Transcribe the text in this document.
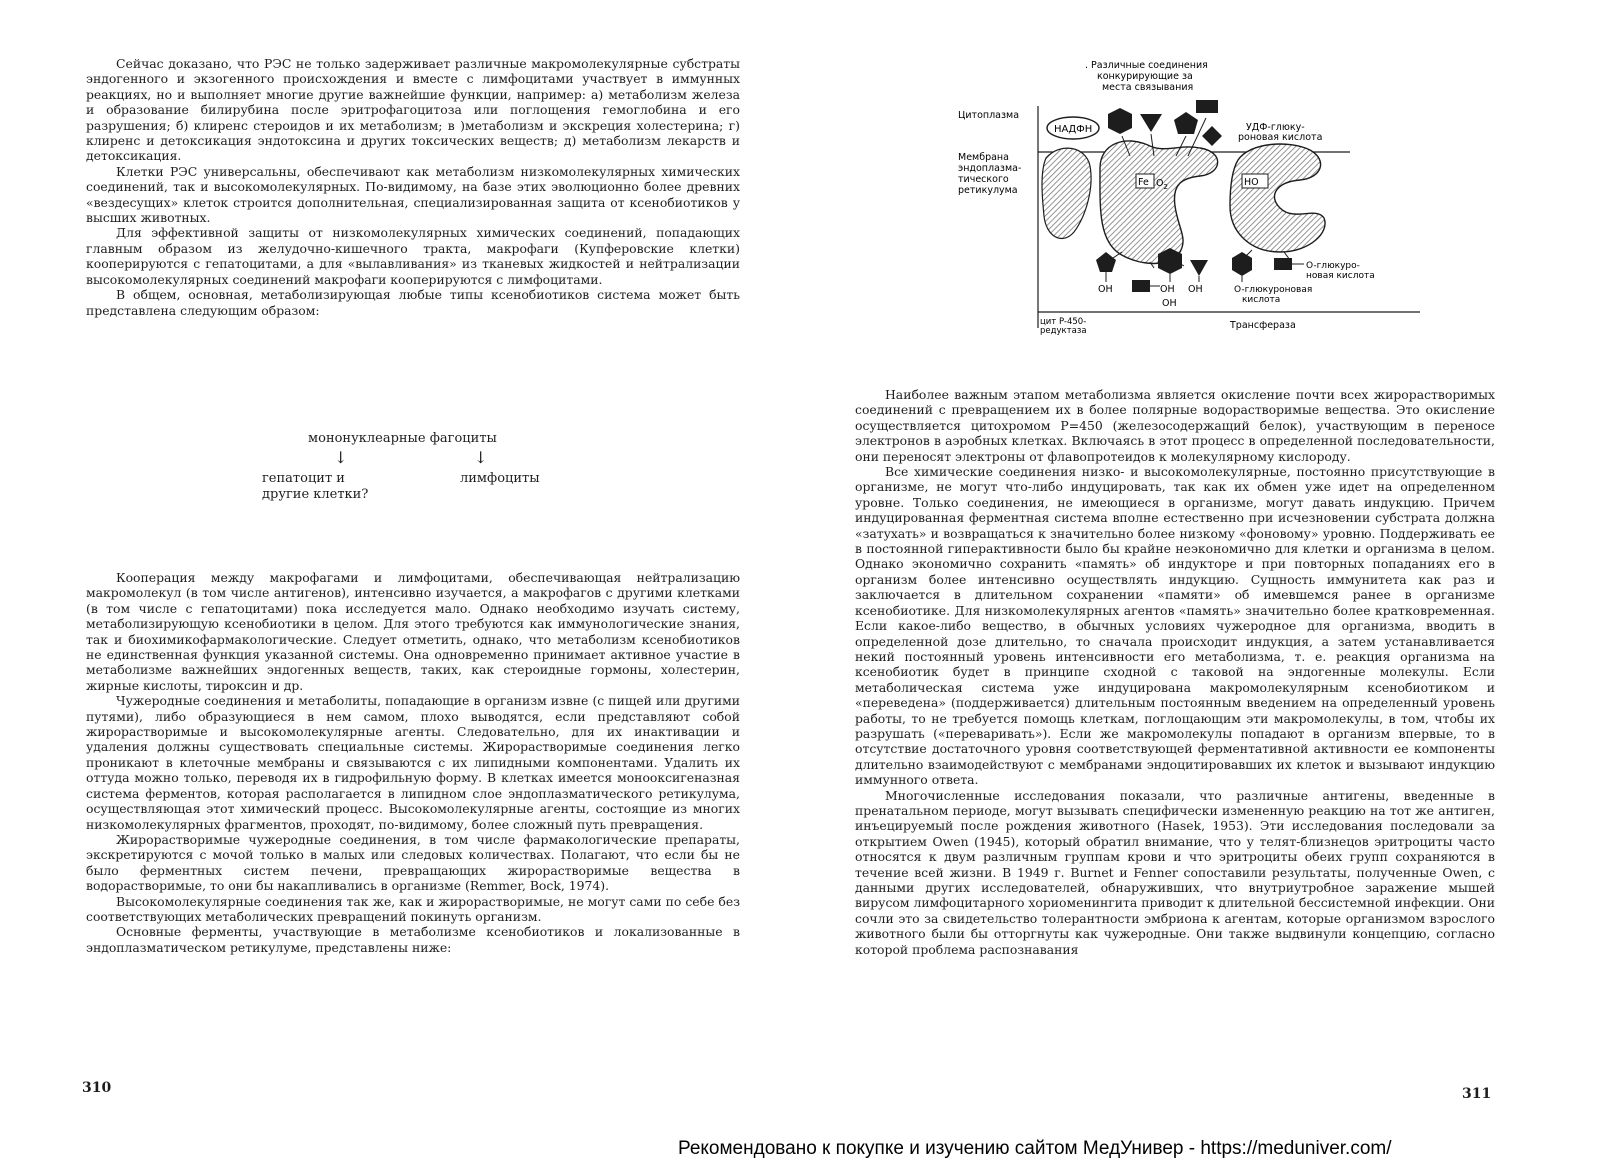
Сейчас доказано, что РЭС не только задерживает различные макромолекулярные субстраты эндогенного и экзогенного происхождения и вместе с лимфоцитами участвует в иммунных реакциях, но и выполняет многие другие важнейшие функции, например: а) метаболизм железа и образование билирубина после эритрофагоцитоза или поглощения гемоглобина и его разрушения; б) клиренс стероидов и их метаболизм; в )метаболизм и экскреция холестерина; г) клиренс и детоксикация эндотоксина и других токсических веществ; д) метаболизм лекарств и детоксикация.

Клетки РЭС универсальны, обеспечивают как метаболизм низкомолекулярных химических соединений, так и высокомолекулярных. По-видимому, на базе этих эволюционно более древних «вездесущих» клеток строится дополнительная, специализированная защита от ксенобиотиков у высших животных.

Для эффективной защиты от низкомолекулярных химических соединений, попадающих главным образом из желудочно-кишечного тракта, макрофаги (Купферовские клетки) кооперируются с гепатоцитами, а для «вылавливания» из тканевых жидкостей и нейтрализации высокомолекулярных соединений макрофаги кооперируются с лимфоцитами.

В общем, основная, метаболизирующая любые типы ксенобиотиков система может быть представлена следующим образом:

мононуклеарные фагоциты
↓	↓
гепатоцит и
другие клетки?
лимфоциты

Кооперация между макрофагами и лимфоцитами, обеспечивающая нейтрализацию макромолекул (в том числе антигенов), интенсивно изучается, а макрофагов с другими клетками (в том числе с гепатоцитами) пока исследуется мало. Однако необходимо изучать систему, метаболизирующую ксенобиотики в целом. Для этого требуются как иммунологические знания, так и биохимикофармакологические. Следует отметить, однако, что метаболизм ксенобиотиков не единственная функция указанной системы. Она одновременно принимает активное участие в метаболизме важнейших эндогенных веществ, таких, как стероидные гормоны, холестерин, жирные кислоты, тироксин и др.

Чужеродные соединения и метаболиты, попадающие в организм извне (с пищей или другими путями), либо образующиеся в нем самом, плохо выводятся, если представляют собой жирорастворимые и высокомолекулярные агенты. Следовательно, для их инактивации и удаления должны существовать специальные системы. Жирорастворимые соединения легко проникают в клеточные мембраны и связываются с их липидными компонентами. Удалить их оттуда можно только, переводя их в гидрофильную форму. В клетках имеется монооксигеназная система ферментов, которая располагается в липидном слое эндоплазматического ретикулума, осуществляющая этот химический процесс. Высокомолекулярные агенты, состоящие из многих низкомолекулярных фрагментов, проходят, по-видимому, более сложный путь превращения.

Жирорастворимые чужеродные соединения, в том числе фармакологические препараты, экскретируются с мочой только в малых или следовых количествах. Полагают, что если бы не было ферментных систем печени, превращающих жирорастворимые вещества в водорастворимые, то они бы накапливались в организме (Remmer, Bock, 1974).

Высокомолекулярные соединения так же, как и жирорастворимые, не могут сами по себе без соответствующих метаболических превращений покинуть организм.

Основные ферменты, участвующие в метаболизме ксенобиотиков и локализованные в эндоплазматическом ретикулуме, представлены ниже:

310
. Различные соединения конкурирующие за места связывания
Цитоплазма
Мембрана эндоплазма-тического ретикулума
НАДФН	УДФ-глюку-роновая кислота
Fe $O_2$	HO
OH	OH OH
OH
O-глюкуро-новая кислота
O-глюкуроновая кислота
цит P-450-редуктаза	Трансфераза

Наиболее важным этапом метаболизма является окисление почти всех жирорастворимых соединений с превращением их в более полярные водорастворимые вещества. Это окисление осуществляется цитохромом P=450 (железосодержащий белок), участвующим в переносе электронов в аэробных клетках. Включаясь в этот процесс в определенной последовательности, они переносят электроны от флавопротеидов к молекулярному кислороду.

Все химические соединения низко- и высокомолекулярные, постоянно присутствующие в организме, не могут что-либо индуцировать, так как их обмен уже идет на определенном уровне. Только соединения, не имеющиеся в организме, могут давать индукцию. Причем индуцированная ферментная система вполне естественно при исчезновении субстрата должна «затухать» и возвращаться к значительно более низкому «фоновому» уровню. Поддерживать ее в постоянной гиперактивности было бы крайне неэкономично для клетки и организма в целом. Однако экономично сохранить «память» об индукторе и при повторных попаданиях его в организм более интенсивно осуществлять индукцию. Сущность иммунитета как раз и заключается в длительном сохранении «памяти» об имевшемся ранее в организме ксенобиотике. Для низкомолекулярных агентов «память» значительно более кратковременная. Если какое-либо вещество, в обычных условиях чужеродное для организма, вводить в определенной дозе длительно, то сначала происходит индукция, а затем устанавливается некий постоянный уровень интенсивности его метаболизма, т. е. реакция организма на ксенобиотик будет в принципе сходной с таковой на эндогенные молекулы. Если метаболическая система уже индуцирована макромолекулярным ксенобиотиком и «переведена» (поддерживается) длительным постоянным введением на определенный уровень работы, то не требуется помощь клеткам, поглощающим эти макромолекулы, в том, чтобы их разрушать («переваривать»). Если же макромолекулы попадают в организм впервые, то в отсутствие достаточного уровня соответствующей ферментативной активности ее компоненты длительно взаимодействуют с мембранами эндоцитировавших их клеток и вызывают индукцию иммунного ответа.

Многочисленные исследования показали, что различные антигены, введенные в пренатальном периоде, могут вызывать специфически измененную реакцию на тот же антиген, инъецируемый после рождения животного (Hasek, 1953). Эти исследования последовали за открытием Owen (1945), который обратил внимание, что у телят-близнецов эритроциты часто относятся к двум различным группам крови и что эритроциты обеих групп сохраняются в течение всей жизни. В 1949 г. Burnet и Fenner сопоставили результаты, полученные Owen, с данными других исследователей, обнаруживших, что внутриутробное заражение мышей вирусом лимфоцитарного хориоменингита приводит к длительной бессистемной инфекции. Они сочли это за свидетельство толерантности эмбриона к агентам, которые организмом взрослого животного были бы отторгнуты как чужеродные. Они также выдвинули концепцию, согласно которой проблема распознавания

311
Рекомендовано к покупке и изучению сайтом МедУнивер - https://meduniver.com/
